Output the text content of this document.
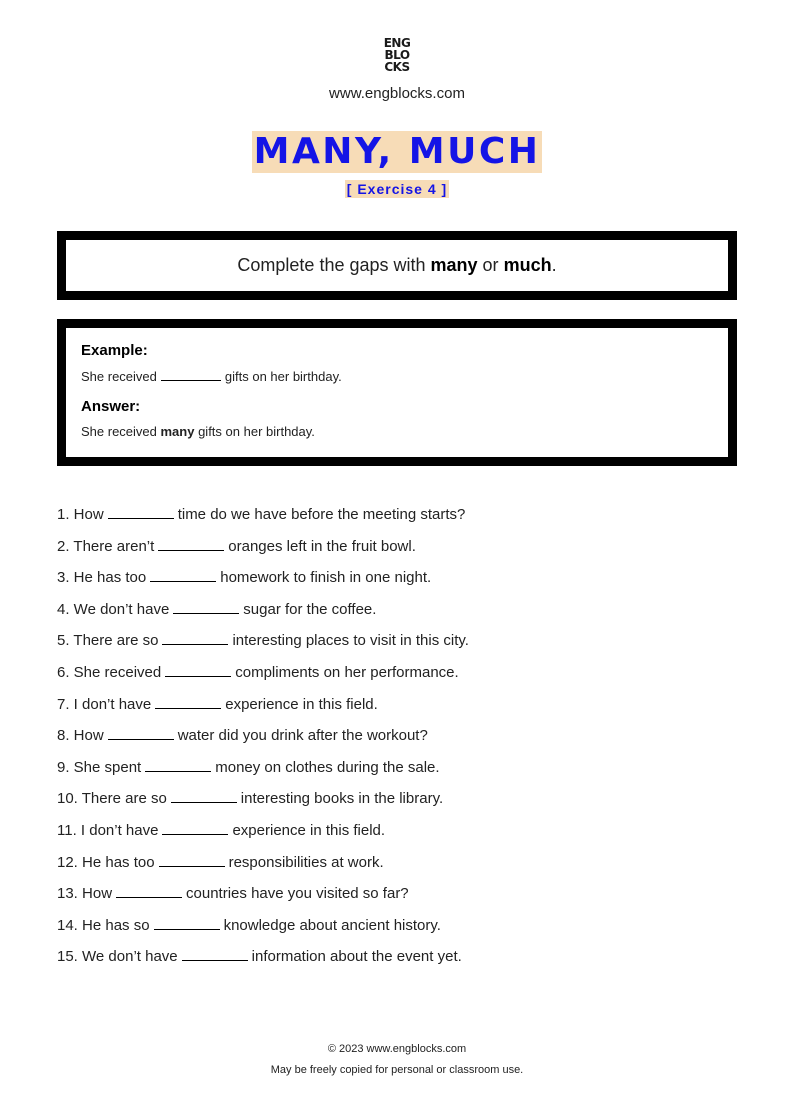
ENG
BLO
CKS
www.engblocks.com
MANY, MUCH
[ Exercise 4 ]
Complete the gaps with many or much.

Example:

She received	gifts on her birthday.

Answer:

She received many gifts on her birthday.

1. How	time do we have before the meeting starts?
2. There aren’t	oranges left in the fruit bowl.
3. He has too	homework to finish in one night.
4. We don’t have	sugar for the coffee.
5. There are so	interesting places to visit in this city.
6. She received	compliments on her performance.
7. I don’t have	experience in this field.
8. How	water did you drink after the workout?
9. She spent	money on clothes during the sale.
10. There are so	interesting books in the library.
11. I don’t have	experience in this field.
12. He has too	responsibilities at work.
13. How	countries have you visited so far?
14. He has so	knowledge about ancient history.
15. We don’t have	information about the event yet.
© 2023 www.engblocks.com
May be freely copied for personal or classroom use.
